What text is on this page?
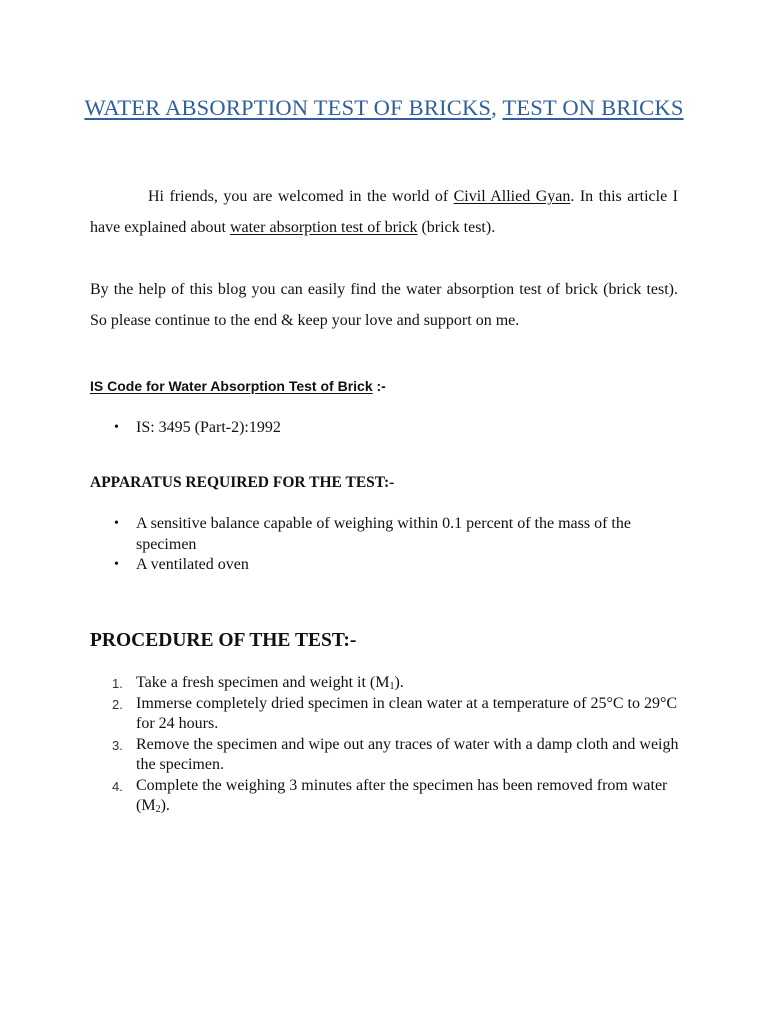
WATER ABSORPTION TEST OF BRICKS, TEST ON BRICKS
Hi friends, you are welcomed in the world of Civil Allied Gyan. In this article I have explained about water absorption test of brick (brick test).
By the help of this blog you can easily find the water absorption test of brick (brick test). So please continue to the end & keep your love and support on me.
IS Code for Water Absorption Test of Brick :-
• IS: 3495 (Part-2):1992
APPARATUS REQUIRED FOR THE TEST:-
• A sensitive balance capable of weighing within 0.1 percent of the mass of the specimen
• A ventilated oven
PROCEDURE OF THE TEST:-
1. Take a fresh specimen and weight it $(M_1)$.
2. Immerse completely dried specimen in clean water at a temperature of 25°C to 29°C for 24 hours.
3. Remove the specimen and wipe out any traces of water with a damp cloth and weigh the specimen.
4. Complete the weighing 3 minutes after the specimen has been removed from water $(M_2)$.
